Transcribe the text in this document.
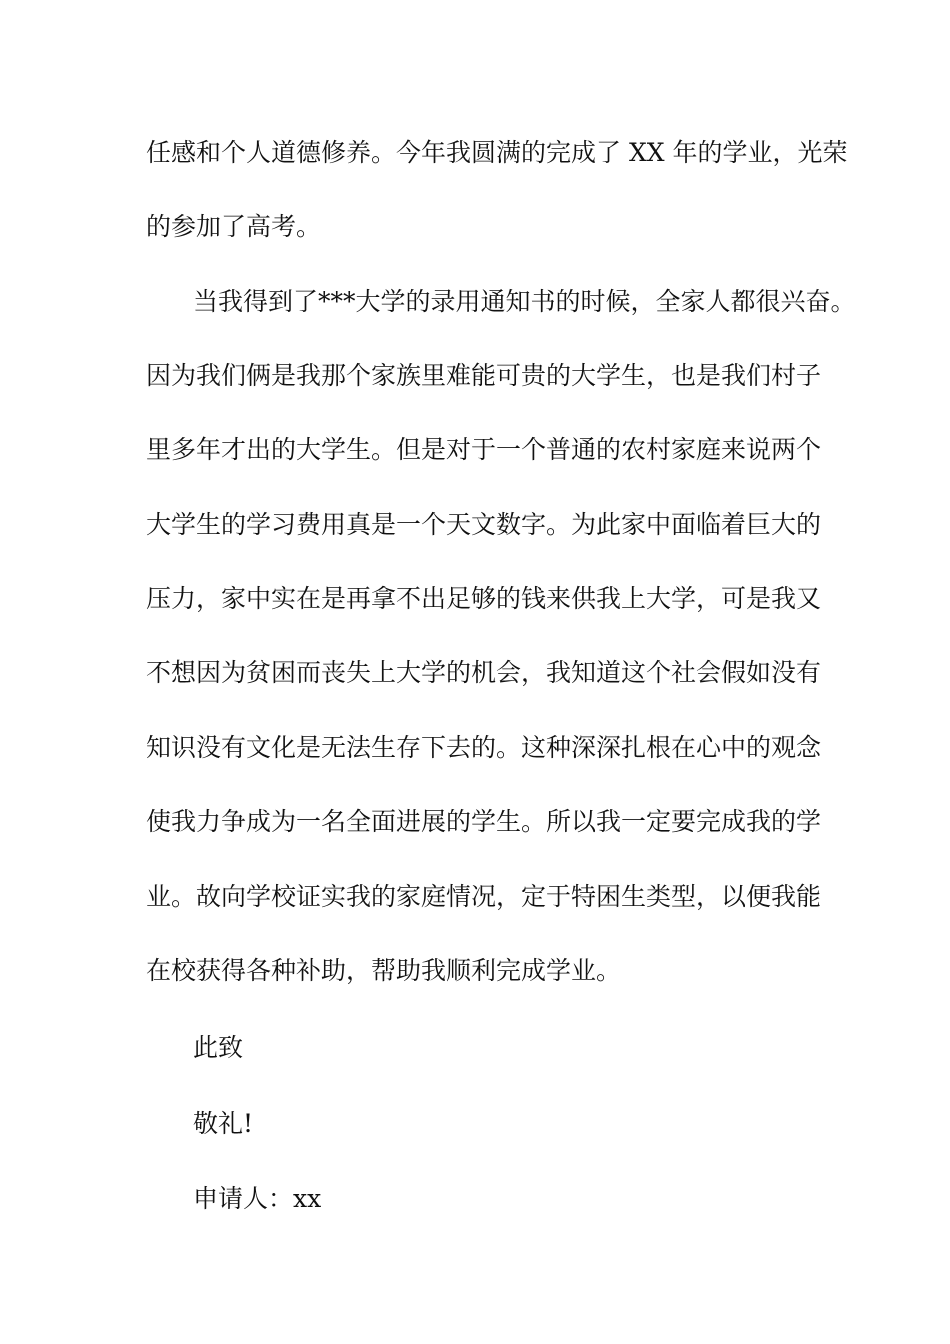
任感和个人道德修养。今年我圆满的完成了 XX 年的学业，光荣
的参加了高考。
当我得到了***大学的录用通知书的时候，全家人都很兴奋。
因为我们俩是我那个家族里难能可贵的大学生，也是我们村子
里多年才出的大学生。但是对于一个普通的农村家庭来说两个
大学生的学习费用真是一个天文数字。为此家中面临着巨大的
压力，家中实在是再拿不出足够的钱来供我上大学，可是我又
不想因为贫困而丧失上大学的机会，我知道这个社会假如没有
知识没有文化是无法生存下去的。这种深深扎根在心中的观念
使我力争成为一名全面进展的学生。所以我一定要完成我的学
业。故向学校证实我的家庭情况，定于特困生类型，以便我能
在校获得各种补助，帮助我顺利完成学业。
此致
敬礼!
申请人：xx
